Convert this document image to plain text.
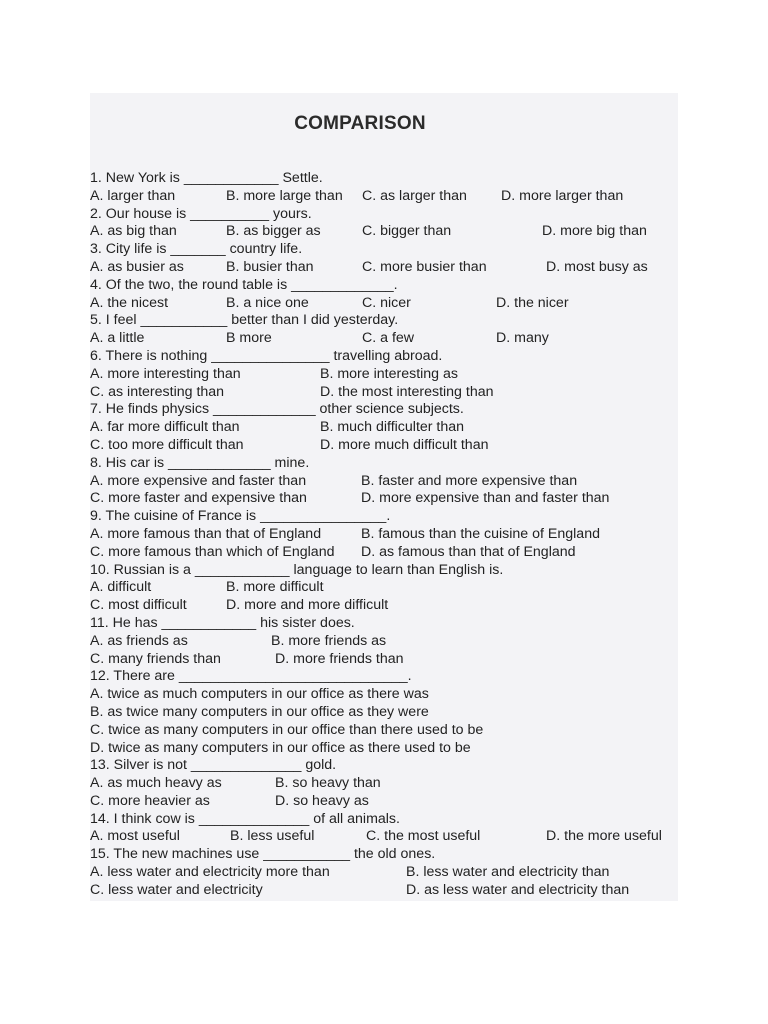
COMPARISON
1. New York is ____________ Settle.
A. larger than	B. more large than C. as larger than D. more larger than
2. Our house is __________ yours.
A. as big than	B. as bigger as	C. bigger than	D. more big than
3. City life is _______ country life.
A. as busier as	B. busier than	C. more busier than	D. most busy as
4. Of the two, the round table is _____________.
A. the nicest	B. a nice one	C. nicer	D. the nicer
5. I feel ___________ better than I did yesterday.
A. a little	B more	C. a few	D. many
6. There is nothing _______________ travelling abroad.
A. more interesting than	B. more interesting as
C. as interesting than	D. the most interesting than
7. He finds physics _____________ other science subjects.
A. far more difficult than	B. much difficulter than
C. too more difficult than	D. more much difficult than
8. His car is _____________ mine.
A. more expensive and faster than	B. faster and more expensive than
C. more faster and expensive than	D. more expensive than and faster than
9. The cuisine of France is ________________.
A. more famous than that of England	B. famous than the cuisine of England
C. more famous than which of England D. as famous than that of England
10. Russian is a ____________ language to learn than English is.
A. difficult	B. more difficult
C. most difficult	D. more and more difficult
11. He has ____________ his sister does.
A. as friends as	B. more friends as
C. many friends than	D. more friends than
12. There are _____________________________.
A. twice as much computers in our office as there was
B. as twice many computers in our office as they were
C. twice as many computers in our office than there used to be
D. twice as many computers in our office as there used to be
13. Silver is not ______________ gold.
A. as much heavy as	B. so heavy than
C. more heavier as	D. so heavy as
14. I think cow is ______________ of all animals.
A. most useful	B. less useful	C. the most useful	D. the more useful
15. The new machines use ___________ the old ones.
A. less water and electricity more than	B. less water and electricity than
C. less water and electricity	D. as less water and electricity than
